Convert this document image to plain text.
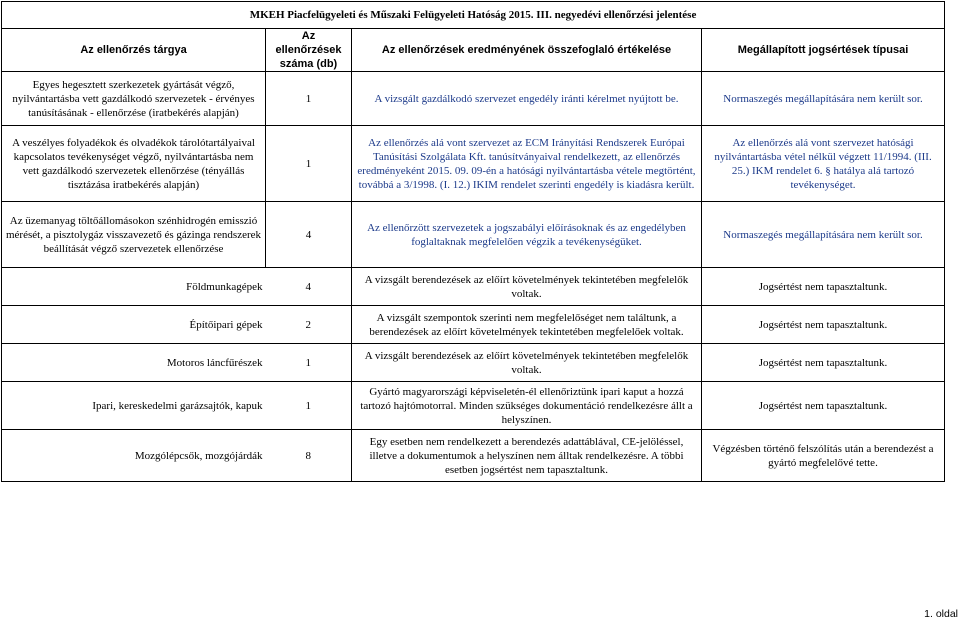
MKEH Piacfelügyeleti és Műszaki Felügyeleti Hatóság 2015. III. negyedévi ellenőrzési jelentése			
Az ellenőrzés tárgya	Az ellenőrzések száma (db)	Az ellenőrzések eredményének összefoglaló értékelése	Megállapított jogsértések típusai
Egyes hegesztett szerkezetek gyártását végző, nyilvántartásba vett gazdálkodó szervezetek - érvényes tanúsításának - ellenőrzése (iratbekérés alapján)	1	A vizsgált gazdálkodó szervezet engedély iránti kérelmet nyújtott be.	Normaszegés megállapítására nem került sor.
A veszélyes folyadékok és olvadékok tárolótartályaival kapcsolatos tevékenységet végző, nyilvántartásba nem vett gazdálkodó szervezetek ellenőrzése (tényállás tisztázása iratbekérés alapján)	1	Az ellenőrzés alá vont szervezet az ECM Irányítási Rendszerek Európai Tanúsítási Szolgálata Kft. tanúsítványaival rendelkezett, az ellenőrzés eredményeként 2015. 09. 09-én a hatósági nyilvántartásba vétele megtörtént, továbbá a 3/1998. (I. 12.) IKIM rendelet szerinti engedély is kiadásra került.	Az ellenőrzés alá vont szervezet hatósági nyilvántartásba vétel nélkül végzett 11/1994. (III. 25.) IKM rendelet 6. § hatálya alá tartozó tevékenységet.
Az üzemanyag töltőállomásokon szénhidrogén emisszió mérését, a pisztolygáz visszavezető és gázinga rendszerek beállítását végző szervezetek ellenőrzése	4	Az ellenőrzött szervezetek a jogszabályi előírásoknak és az engedélyben foglaltaknak megfelelően végzik a tevékenységüket.	Normaszegés megállapítására nem került sor.
Földmunkagépek	4	A vizsgált berendezések az előírt követelmények tekintetében megfelelők voltak.	Jogsértést nem tapasztaltunk.
Építőipari gépek	2	A vizsgált szempontok szerinti nem megfelelőséget nem találtunk, a berendezések az előírt követelmények tekintetében megfelelőek voltak.	Jogsértést nem tapasztaltunk.
Motoros láncfűrészek	1	A vizsgált berendezések az előírt követelmények tekintetében megfelelők voltak.	Jogsértést nem tapasztaltunk.
Ipari, kereskedelmi garázsajtók, kapuk	1	Gyártó magyarországi képviseletén-él ellenőriztünk ipari kaput a hozzá tartozó hajtómotorral. Minden szükséges dokumentáció rendelkezésre állt a helyszínen.	Jogsértést nem tapasztaltunk.
Mozgólépcsők, mozgójárdák	8	Egy esetben nem rendelkezett a berendezés adattáblával, CE-jelöléssel, illetve a dokumentumok a helyszínen nem álltak rendelkezésre. A többi esetben jogsértést nem tapasztaltunk.	Végzésben történő felszólítás után a berendezést a gyártó megfelelővé tette.
1. oldal
